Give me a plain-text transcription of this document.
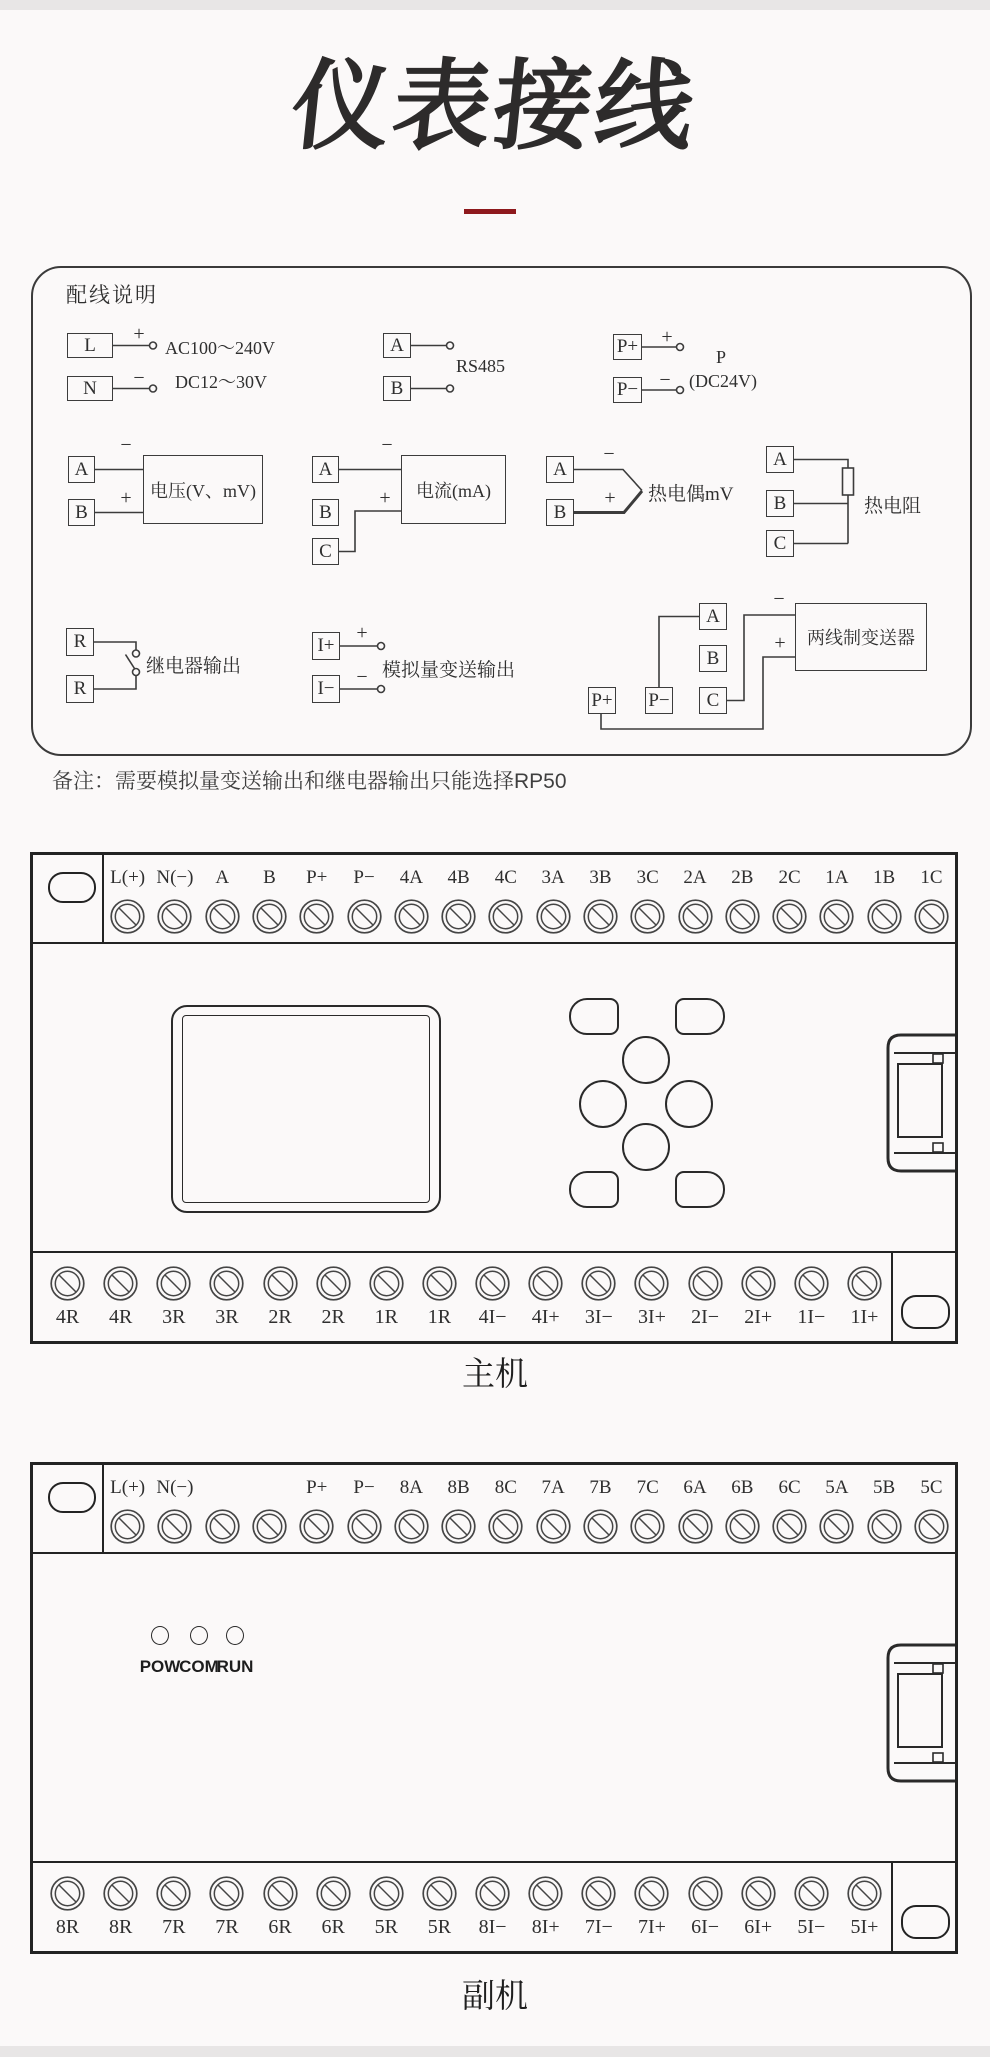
仪表接线
配线说明
L
N
+
−
AC100～240V
DC12～30V
A
B
RS485
P+
P−
+
−
P
(DC24V)
A
B
−
+	电压(V、mV)
A
B
C
−
+	电流(mA)
A
B
−
+ 热电偶mV
A
B
C
热电阻
R
R
继电器输出
I+
I−
+
− 模拟量变送输出
A
B
C
P+ P−
−
+	两线制变送器
备注：需要模拟量变送输出和继电器输出只能选择RP50
L(+) N(−) A B P+ P− 4A 4B 4C 3A 3B 3C 2A 2B 2C 1A 1B 1C
4R 4R 3R 3R 2R 2R 1R 1R 4I− 4I+ 3I− 3I+ 2I− 2I+ 1I− 1I+
主机
L(+) N(−)	P+ P− 8A 8B 8C 7A 7B 7C 6A 6B 6C 5A 5B 5C
POW
COM
RUN
8R 8R 7R 7R 6R 6R 5R 5R 8I− 8I+ 7I− 7I+ 6I− 6I+ 5I− 5I+
副机
